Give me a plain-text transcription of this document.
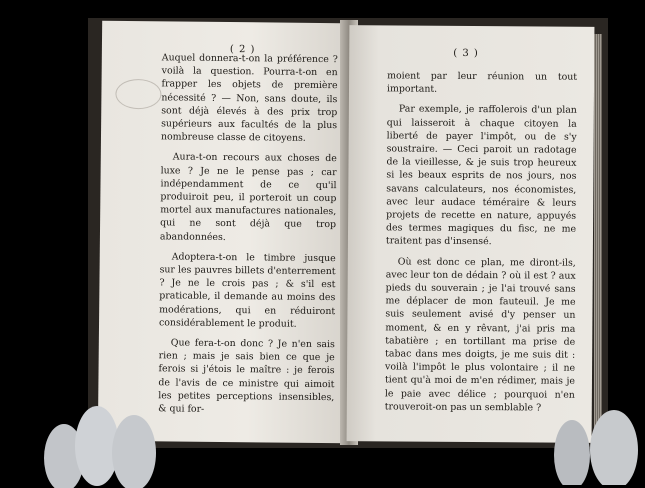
( 2 )

Auquel donnera-t-on la préférence ? voilà la question. Pourra-t-on en frapper les objets de première nécessité ? — Non, sans doute, ils sont déjà élevés à des prix trop supérieurs aux facultés de la plus nombreuse classe de citoyens.

Aura-t-on recours aux choses de luxe ? Je ne le pense pas ; car indépendamment de ce qu'il produiroit peu, il porteroit un coup mortel aux manufactures nationales, qui ne sont déjà que trop abandonnées.

Adoptera-t-on le timbre jusque sur les pauvres billets d'enterrement ? Je ne le crois pas ; & s'il est praticable, il demande au moins des modérations, qui en réduiront considérablement le produit.

Que fera-t-on donc ? Je n'en sais rien ; mais je sais bien ce que je ferois si j'étois le maître : je ferois de l'avis de ce ministre qui aimoit les petites perceptions insensibles, & qui for-

( 3 )

moient par leur réunion un tout important.

Par exemple, je raffolerois d'un plan qui laisseroit à chaque citoyen la liberté de payer l'impôt, ou de s'y soustraire. — Ceci paroit un radotage de la vieillesse, & je suis trop heureux si les beaux esprits de nos jours, nos savans calculateurs, nos économistes, avec leur audace téméraire & leurs projets de recette en nature, appuyés des termes magiques du fisc, ne me traitent pas d'insensé.

Où est donc ce plan, me diront-ils, avec leur ton de dédain ? où il est ? aux pieds du souverain ; je l'ai trouvé sans me déplacer de mon fauteuil. Je me suis seulement avisé d'y penser un moment, & en y rêvant, j'ai pris ma tabatière ; en tortillant ma prise de tabac dans mes doigts, je me suis dit : voilà l'impôt le plus volontaire ; il ne tient qu'à moi de m'en rédimer, mais je le paie avec délice ; pourquoi n'en trouveroit-on pas un semblable ?
